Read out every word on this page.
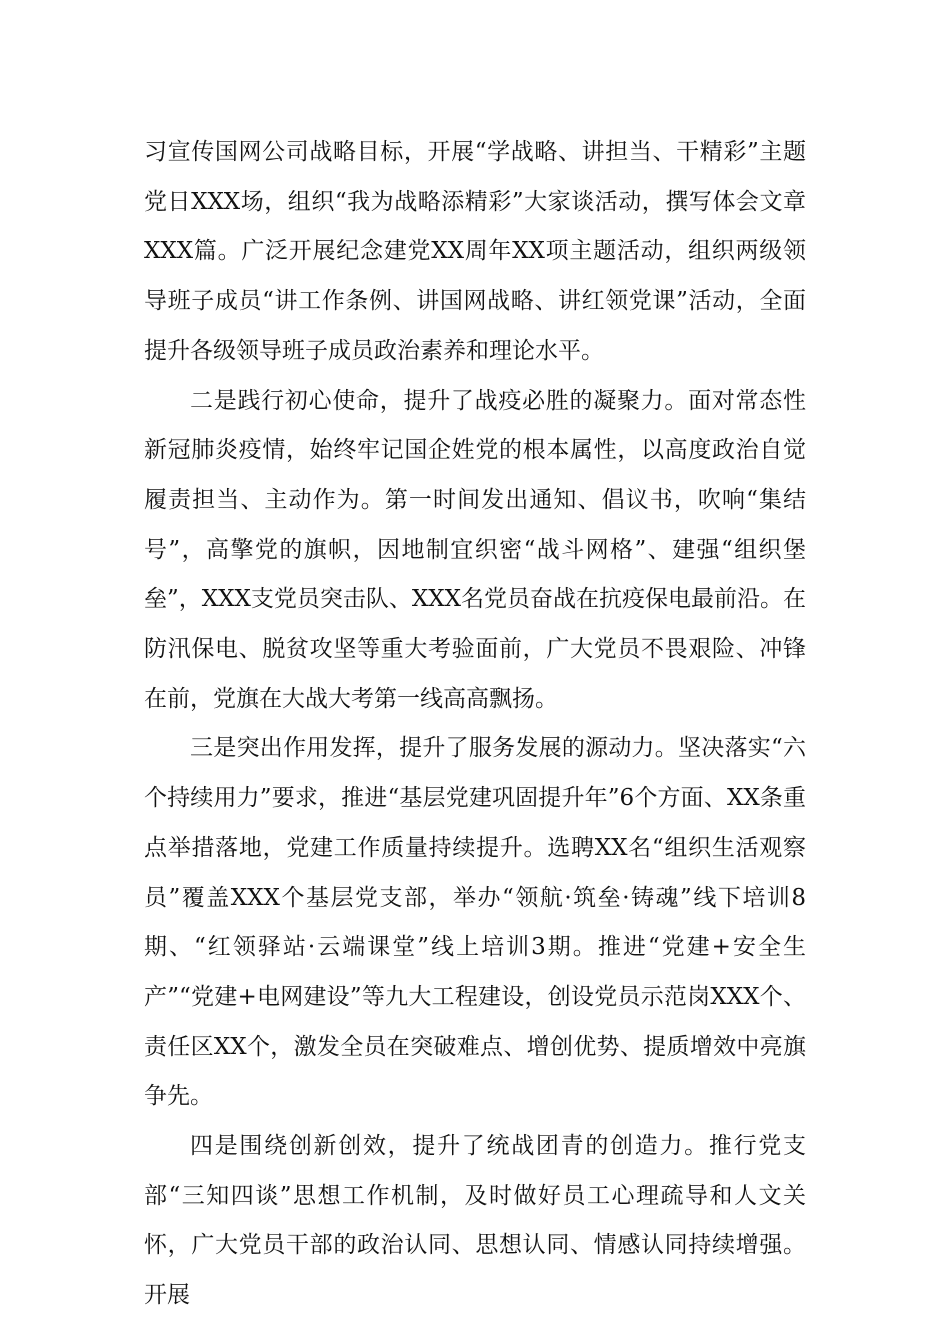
习宣传国网公司战略目标，开展“学战略、讲担当、干精彩”主题党日XXX场，组织“我为战略添精彩”大家谈活动，撰写体会文章XXX篇。广泛开展纪念建党XX周年XX项主题活动，组织两级领导班子成员“讲工作条例、讲国网战略、讲红领党课”活动，全面提升各级领导班子成员政治素养和理论水平。

二是践行初心使命，提升了战疫必胜的凝聚力。面对常态性新冠肺炎疫情，始终牢记国企姓党的根本属性，以高度政治自觉履责担当、主动作为。第一时间发出通知、倡议书，吹响“集结号”，高擎党的旗帜，因地制宜织密“战斗网格”、建强“组织堡垒”，XXX支党员突击队、XXX名党员奋战在抗疫保电最前沿。在防汛保电、脱贫攻坚等重大考验面前，广大党员不畏艰险、冲锋在前，党旗在大战大考第一线高高飘扬。

三是突出作用发挥，提升了服务发展的源动力。坚决落实“六个持续用力”要求，推进“基层党建巩固提升年”6个方面、XX条重点举措落地，党建工作质量持续提升。选聘XX名“组织生活观察员”覆盖XXX个基层党支部，举办“领航·筑垒·铸魂”线下培训8期、“红领驿站·云端课堂”线上培训3期。推进“党建+安全生产”“党建+电网建设”等九大工程建设，创设党员示范岗XXX个、责任区XX个，激发全员在突破难点、增创优势、提质增效中亮旗争先。

四是围绕创新创效，提升了统战团青的创造力。推行党支部“三知四谈”思想工作机制，及时做好员工心理疏导和人文关怀，广大党员干部的政治认同、思想认同、情感认同持续增强。开展
